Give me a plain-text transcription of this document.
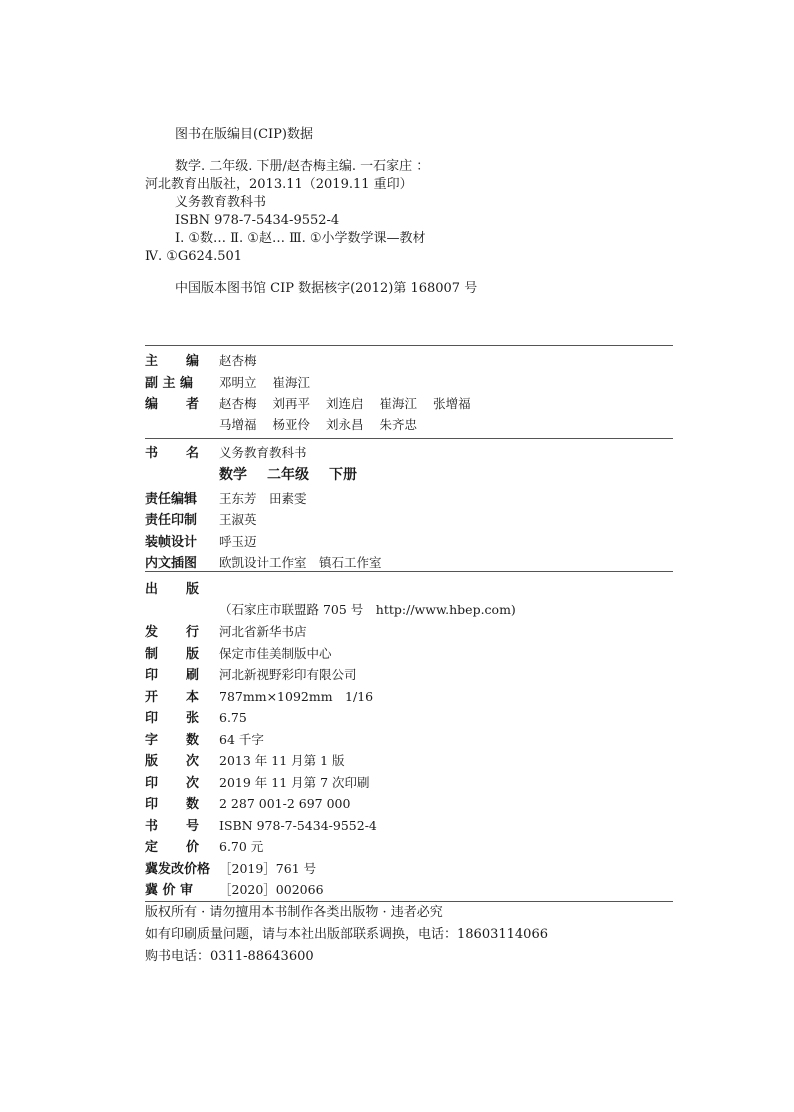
图书在版编目(CIP)数据
数学. 二年级. 下册/赵杏梅主编. 一石家庄 ：
河北教育出版社，2013.11（2019.11 重印）
义务教育教科书
ISBN 978-7-5434-9552-4
Ⅰ. ①数… Ⅱ. ①赵… Ⅲ. ①小学数学课—教材
Ⅳ. ①G624.501
中国版本图书馆 CIP 数据核字(2012)第 168007 号
主 编	赵杏梅
副 主 编	邓明立 崔海江
编 者	赵杏梅 刘再平 刘连启 崔海江 张增福
马增福 杨亚伶 刘永昌 朱齐忠
书 名	义务教育教科书
数学 二年级 下册
责任编辑	王东芳　田素雯
责任印制	王淑英
装帧设计	呼玉迈
内文插图	欧凯设计工作室　镇石工作室
出 版
（石家庄市联盟路 705 号　http://www.hbep.com)
发 行	河北省新华书店
制 版	保定市佳美制版中心
印 刷	河北新视野彩印有限公司
开 本	787mm×1092mm　1/16
印 张	6.75
字 数	64 千字
版 次	2013 年 11 月第 1 版
印 次	2019 年 11 月第 7 次印刷
印 数	2 287 001-2 697 000
书 号	ISBN 978-7-5434-9552-4
定 价	6.70 元
冀发改价格 ［2019］761 号
冀 价 审	［2020］002066
版权所有 · 请勿擅用本书制作各类出版物 · 违者必究
如有印刷质量问题，请与本社出版部联系调换，电话：18603114066
购书电话：0311-88643600
